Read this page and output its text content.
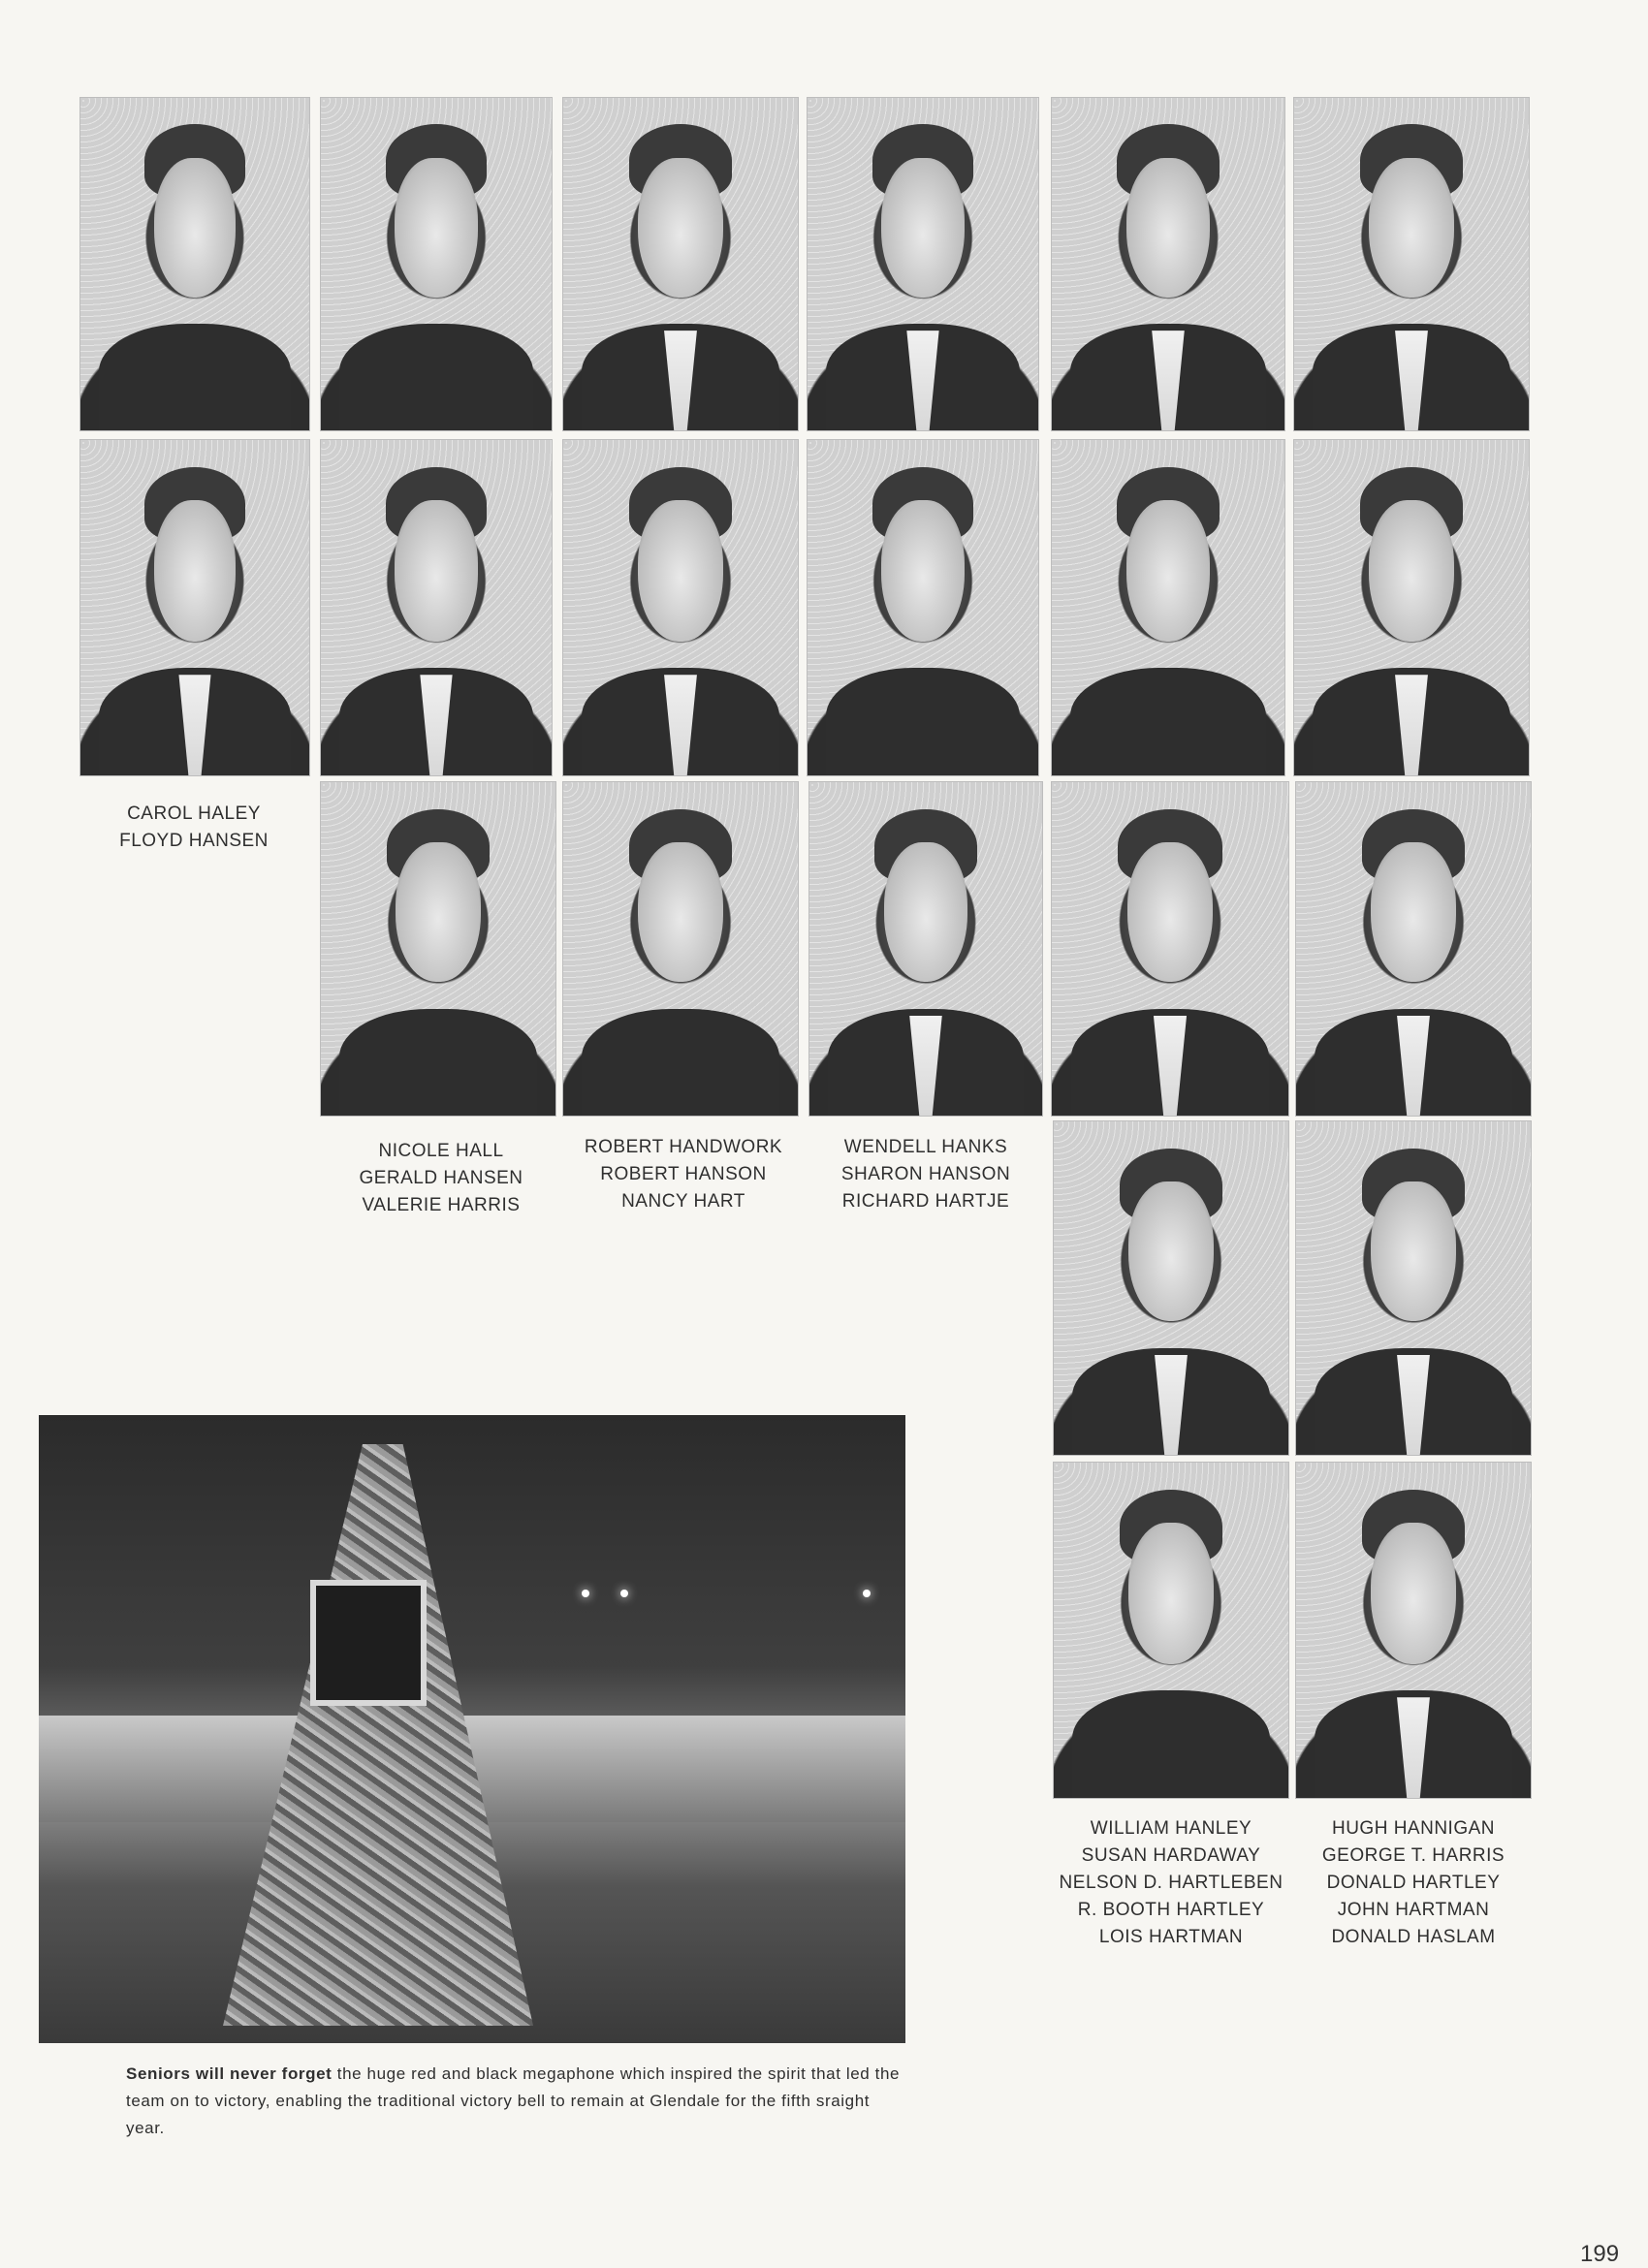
CAROL HALEY
FLOYD HANSEN
NICOLE HALL
GERALD HANSEN
VALERIE HARRIS
ROBERT HANDWORK
ROBERT HANSON
NANCY HART
WENDELL HANKS
SHARON HANSON
RICHARD HARTJE
WILLIAM HANLEY
SUSAN HARDAWAY
NELSON D. HARTLEBEN
R. BOOTH HARTLEY
LOIS HARTMAN
HUGH HANNIGAN
GEORGE T. HARRIS
DONALD HARTLEY
JOHN HARTMAN
DONALD HASLAM
Seniors will never forget the huge red and black megaphone which inspired the spirit that led the team on to victory, enabling the traditional victory bell to remain at Glendale for the fifth sraight year.
199
